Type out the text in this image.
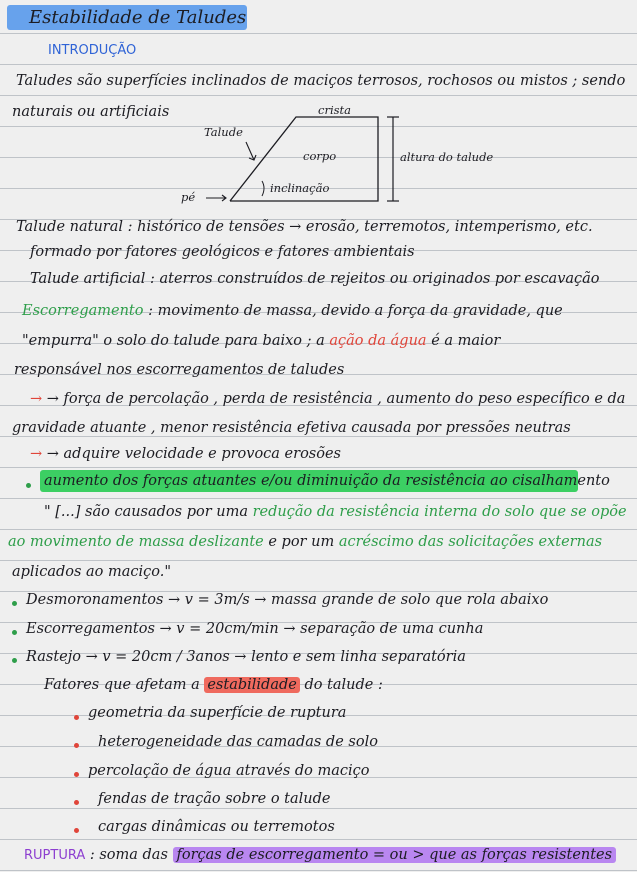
Estabilidade de Taludes
INTRODUÇÃO
Taludes são superfícies inclinados de maciços terrosos, rochosos ou mistos ; sendo
naturais ou artificiais	crista
Talude
corpo	altura do talude
pé
inclinação
Talude natural : histórico de tensões → erosão, terremotos, intemperismo, etc.
formado por fatores geológicos e fatores ambientais
Talude artificial : aterros construídos de rejeitos ou originados por escavação
Escorregamento : movimento de massa, devido a força da gravidade, que
"empurra" o solo do talude para baixo ; a ação da água é a maior
responsável nos escorregamentos de taludes
→ → força de percolação , perda de resistência , aumento do peso específico e da
gravidade atuante , menor resistência efetiva causada por pressões neutras
→ → adquire velocidade e provoca erosões
aumento dos forças atuantes e/ou diminuição da resistência ao cisalhamento
" [...] são causados por uma redução da resistência interna do solo que se opõe
ao movimento de massa deslizante e por um acréscimo das solicitações externas
aplicados ao maciço."
Desmoronamentos → v = 3m/s → massa grande de solo que rola abaixo
Escorregamentos → v = 20cm/min → separação de uma cunha
Rastejo → v = 20cm / 3anos → lento e sem linha separatória
Fatores que afetam a estabilidade do talude :
geometria da superfície de ruptura
heterogeneidade das camadas de solo
percolação de água através do maciço
fendas de tração sobre o talude
cargas dinâmicas ou terremotos
RUPTURA : soma das forças de escorregamento = ou > que as forças resistentes
